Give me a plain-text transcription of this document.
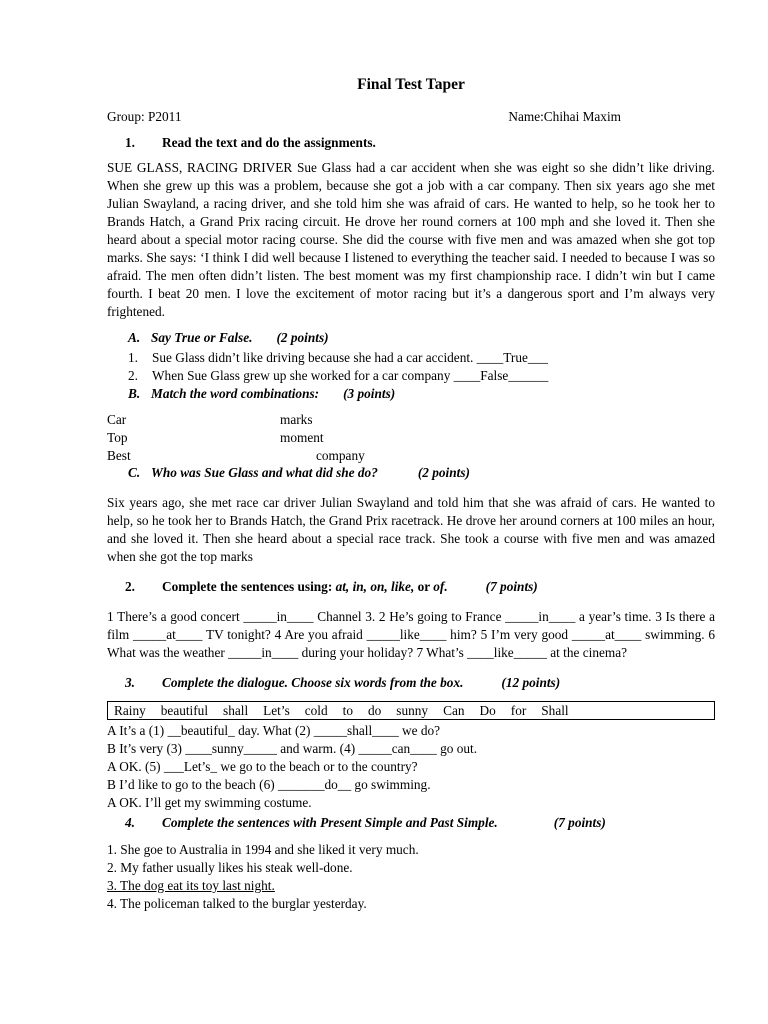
Final Test Taper
Group: P2011	Name:Chihai Maxim
1.	Read the text and do the assignments.

SUE GLASS, RACING DRIVER Sue Glass had a car accident when she was eight so she didn’t like driving. When she grew up this was a problem, because she got a job with a car company. Then six years ago she met Julian Swayland, a racing driver, and she told him she was afraid of cars. He wanted to help, so he took her to Brands Hatch, a Grand Prix racing circuit. He drove her round corners at 100 mph and she loved it. Then she heard about a special motor racing course. She did the course with five men and was amazed when she got top marks. She says: ‘I think I did well because I listened to everything the teacher said. I needed to because I was so afraid. The men often didn’t listen. The best moment was my first championship race. I didn’t win but I came fourth. I beat 20 men. I love the excitement of motor racing but it’s a dangerous sport and I’m always very frightened.

A. Say True or False. (2 points)
1.	Sue Glass didn’t like driving because she had a car accident. ____True___
2.	When Sue Glass grew up she worked for a car company ____False______
B. Match the word combinations: (3 points)
Car	marks
Top	moment
Best	company
C. Who was Sue Glass and what did she do?	(2 points)

Six years ago, she met race car driver Julian Swayland and told him that she was afraid of cars. He wanted to help, so he took her to Brands Hatch, the Grand Prix racetrack. He drove her around corners at 100 miles an hour, and she loved it. Then she heard about a special race track. She took a course with five men and was amazed when she got the top marks

2.	Complete the sentences using: at, in, on, like, or of.	(7 points)

1 There’s a good concert _____in____ Channel 3. 2 He’s going to France _____in____ a year’s time. 3 Is there a film _____at____ TV tonight? 4 Are you afraid _____like____ him? 5 I’m very good _____at____ swimming. 6 What was the weather _____in____ during your holiday? 7 What’s ____like_____ at the cinema?

3.	Complete the dialogue. Choose six words from the box.	(12 points)
Rainy beautiful shall Let’s cold to do sunny Can Do for Shall
A It’s a (1) __beautiful_ day. What (2) _____shall____ we do?
B It’s very (3) ____sunny_____ and warm. (4) _____can____ go out.
A OK. (5) ___Let’s_ we go to the beach or to the country?
B I’d like to go to the beach (6) _______do__ go swimming.
A OK. I’ll get my swimming costume.
4.	Complete the sentences with Present Simple and Past Simple.	(7 points)
1. She goe to Australia in 1994 and she liked it very much.
2. My father usually likes his steak well-done.
3. The dog eat its toy last night.
4. The policeman talked to the burglar yesterday.
